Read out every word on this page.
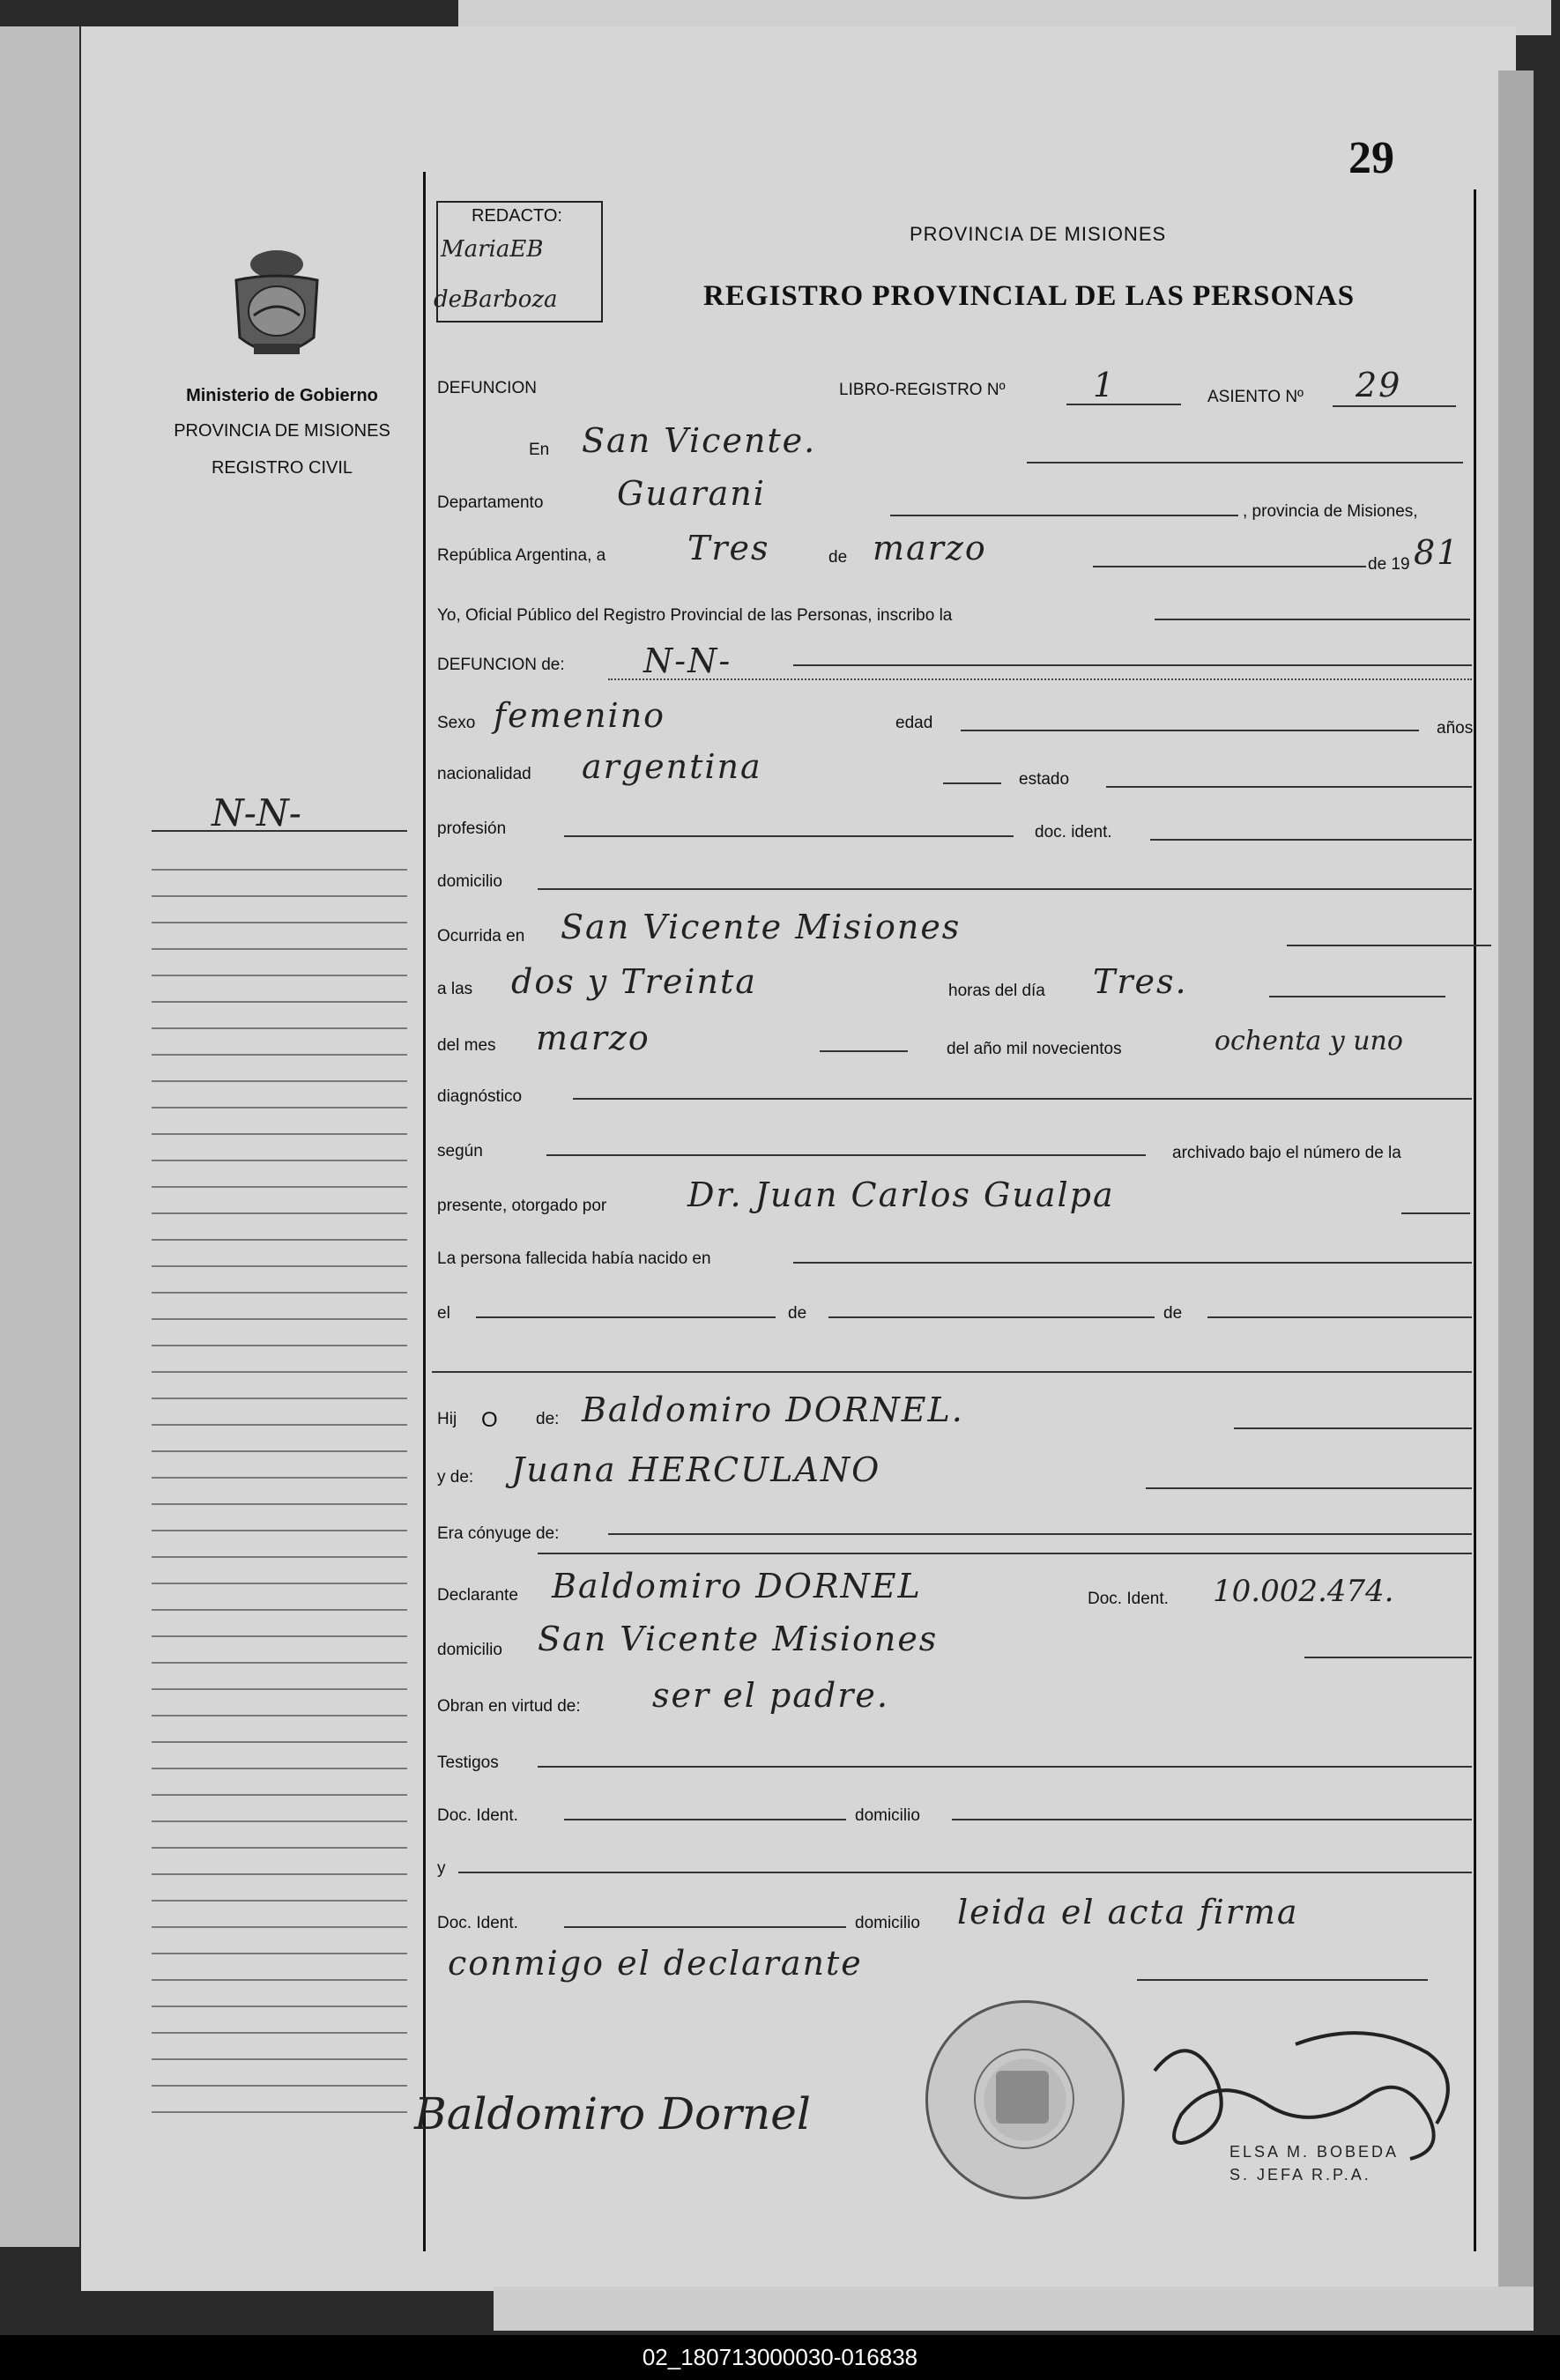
29
REDACTO:
MariaEB
deBarboza
PROVINCIA DE MISIONES
REGISTRO PROVINCIAL DE LAS PERSONAS
Ministerio de Gobierno
PROVINCIA DE MISIONES
REGISTRO CIVIL
N-N-
DEFUNCION	LIBRO-REGISTRO Nº	1	ASIENTO Nº 29
En San Vicente.
Departamento Guarani	, provincia de Misiones,
República Argentina, a Tres	de marzo	de 19 81
Yo, Oficial Público del Registro Provincial de las Personas, inscribo la
DEFUNCION de: N-N-
Sexo femenino	edad	años
nacionalidad argentina	estado
profesión	doc. ident.
domicilio
Ocurrida en San Vicente Misiones
a las dos y Treinta	horas del día Tres.
del mes marzo	del año mil novecientos	ochenta y uno
diagnóstico
según	archivado bajo el número de la
presente, otorgado por Dr. Juan Carlos Gualpa
La persona fallecida había nacido en
el	de	de
Hij O de: Baldomiro DORNEL.
y de: Juana HERCULANO
Era cónyuge de:
Declarante Baldomiro DORNEL	Doc. Ident. 10.002.474.
domicilio San Vicente Misiones
Obran en virtud de: ser el padre.
Testigos
Doc. Ident.	domicilio
y
Doc. Ident.	domicilio leida el acta firma
conmigo el declarante
Baldomiro Dornel
ELSA M. BOBEDA
S. JEFA R.P.A.
02_180713000030-016838
